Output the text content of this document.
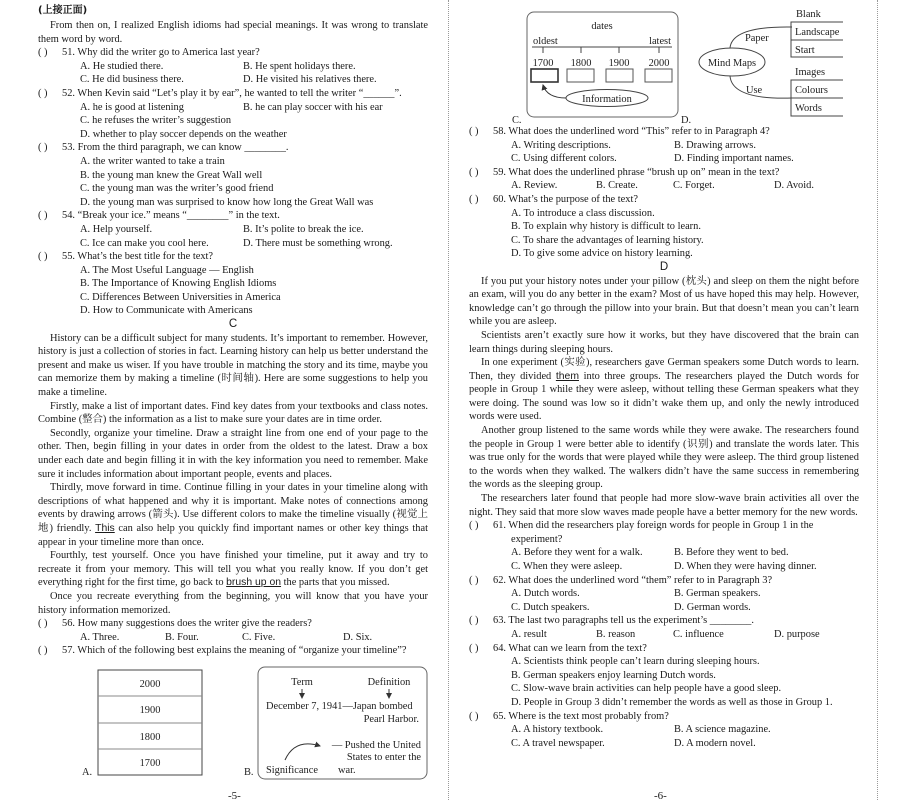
(上接正面)

From then on, I realized English idioms had special meanings. It was wrong to translate them word by word.

( ) 51. Why did the writer go to America last year?
A. He studied there.	B. He spent holidays there.
C. He did business there.	D. He visited his relatives there.
( ) 52. When Kevin said “Let’s play it by ear”, he wanted to tell the writer “______”.
A. he is good at listening	B. he can play soccer with his ear
C. he refuses the writer’s suggestion
D. whether to play soccer depends on the weather
( ) 53. From the third paragraph, we can know ________.
A. the writer wanted to take a train
B. the young man knew the Great Wall well
C. the young man was the writer’s good friend
D. the young man was surprised to know how long the Great Wall was
( ) 54. “Break your ice.” means “________” in the text.
A. Help yourself.	B. It’s polite to break the ice.
C. Ice can make you cool here.	D. There must be something wrong.
( ) 55. What’s the best title for the text?
A. The Most Useful Language — English
B. The Importance of Knowing English Idioms
C. Differences Between Universities in America
D. How to Communicate with Americans
C

History can be a difficult subject for many students. It’s important to remember. However, history is just a collection of stories in fact. Learning history can help us better understand the present and make us wiser. If you have trouble in matching the story and its time, maybe you can memorize them by making a timeline (时间轴). Here are some suggestions to help you make a timeline.

Firstly, make a list of important dates. Find key dates from your textbooks and class notes. Combine (整合) the information as a list to make sure your dates are in time order.

Secondly, organize your timeline. Draw a straight line from one end of your page to the other. Then, begin filling in your dates in order from the oldest to the latest. Draw a box under each date and begin filling it in with the key information you need to remember. Make sure it includes information about important people, events and places.

Thirdly, move forward in time. Continue filling in your dates in your timeline along with descriptions of what happened and why it is important. Make notes of connections among events by drawing arrows (箭头). Use different colors to make the timeline visually (视觉上地) friendly. This can also help you quickly find important names or other key things that appear in your timeline more than once.

Fourthly, test yourself. Once you have finished your timeline, put it away and try to recreate it from your memory. This will tell you what you really know. If you don’t get everything right for the first time, go back to brush up on the parts that you missed.

Once you recreate everything from the beginning, you will know that you have your history information memorized.

( ) 56. How many suggestions does the writer give the readers?
A. Three.	B. Four.	C. Five.	D. Six.
( ) 57. Which of the following best explains the meaning of “organize your timeline”?
( ) 58. What does the underlined word “This” refer to in Paragraph 4?
A. Writing descriptions.	B. Drawing arrows.
C. Using different colors.	D. Finding important names.
( ) 59. What does the underlined phrase “brush up on” mean in the text?
A. Review.	B. Create.	C. Forget.	D. Avoid.
( ) 60. What’s the purpose of the text?
A. To introduce a class discussion.
B. To explain why history is difficult to learn.
C. To share the advantages of learning history.
D. To give some advice on history learning.
D

If you put your history notes under your pillow (枕头) and sleep on them the night before an exam, will you do any better in the exam? Most of us have hoped this may help. However, knowledge can’t go through the pillow into your brain. But that doesn’t mean you can’t learn while you are asleep.

Scientists aren’t exactly sure how it works, but they have discovered that the brain can learn things during sleeping hours.

In one experiment (实验), researchers gave German speakers some Dutch words to learn. Then, they divided them into three groups. The researchers played the Dutch words for people in Group 1 while they were asleep, without telling these German speakers what they were doing. The sound was low so it didn’t wake them up, and only the newly introduced words were used.

Another group listened to the same words while they were awake. The researchers found the people in Group 1 were better able to identify (识别) and translate the words later. This was true only for the words that were played while they were asleep. The third group listened to the words when they walked. The walkers didn’t have the same success in remembering the words as the sleeping group.

The researchers later found that people had more slow-wave brain activities all over the night. They said that more slow waves made people have a better memory for the new words.

( ) 61. When did the researchers play foreign words for people in Group 1 in the experiment?
A. Before they went for a walk.	B. Before they went to bed.
C. When they were asleep.	D. When they were having dinner.
( ) 62. What does the underlined word “them” refer to in Paragraph 3?
A. Dutch words.	B. German speakers.
C. Dutch speakers.	D. German words.
( ) 63. The last two paragraphs tell us the experiment’s ________.
A. result	B. reason	C. influence	D. purpose
( ) 64. What can we learn from the text?
A. Scientists think people can’t learn during sleeping hours.
B. German speakers enjoy learning Dutch words.
C. Slow-wave brain activities can help people have a good sleep.
D. People in Group 3 didn’t remember the words as well as those in Group 1.
( ) 65. Where is the text most probably from?
A. A history textbook.	B. A science magazine.
C. A travel newspaper.	D. A modern novel.
-5-	-6-
A.
2000
1900
1800
1700
B.
Term	Definition
December 7, 1941—Japan bombed
Pearl Harbor.
— Pushed the United
States to enter the
war.
Significance
C.
dates
oldest	latest
1700 1800 1900 2000
Information
D.
Mind Maps
Paper
Use
Blank
Landscape
Start
Images
Colours
Words
